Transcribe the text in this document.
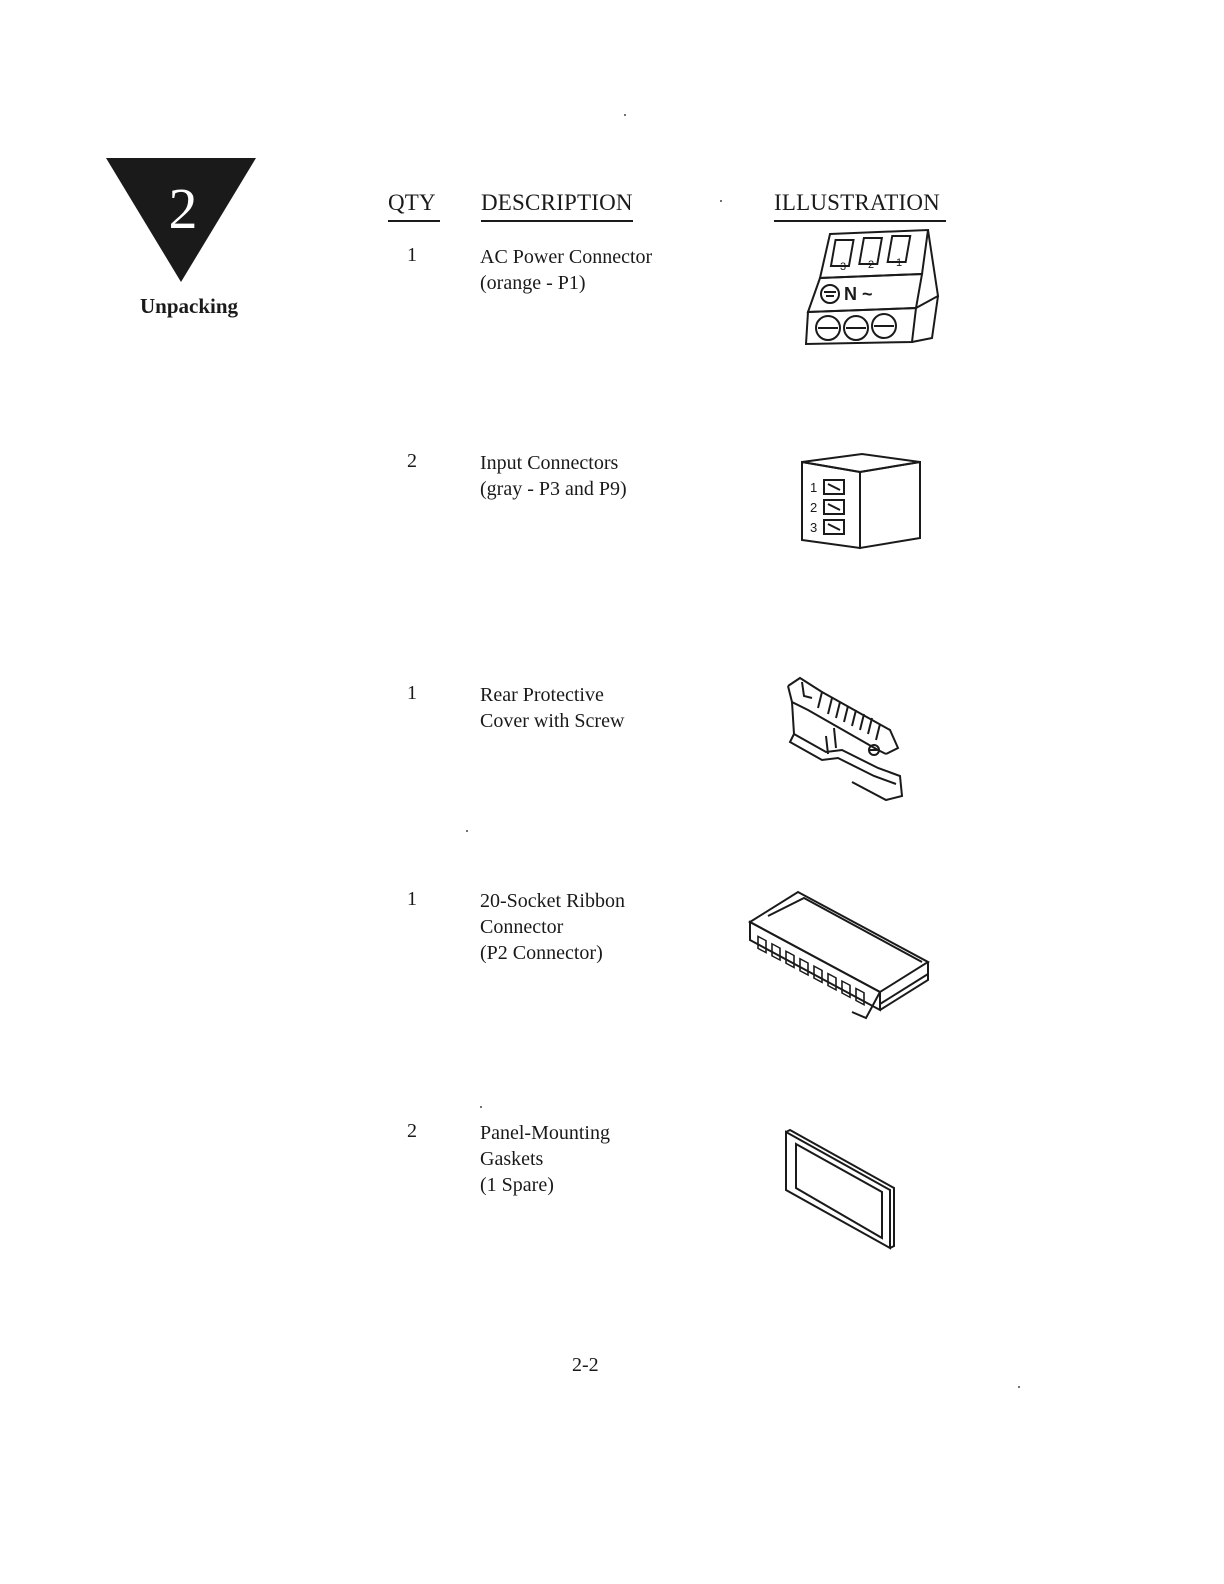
2
Unpacking
QTY DESCRIPTION	ILLUSTRATION
1	AC Power Connector
(orange - P1)
3 2 1
N ~
2	Input Connectors
(gray - P3 and P9)	1
2
3
1	Rear Protective
Cover with Screw
1	20-Socket Ribbon
Connector
(P2 Connector)
2	Panel-Mounting
Gaskets
(1 Spare)
2-2
